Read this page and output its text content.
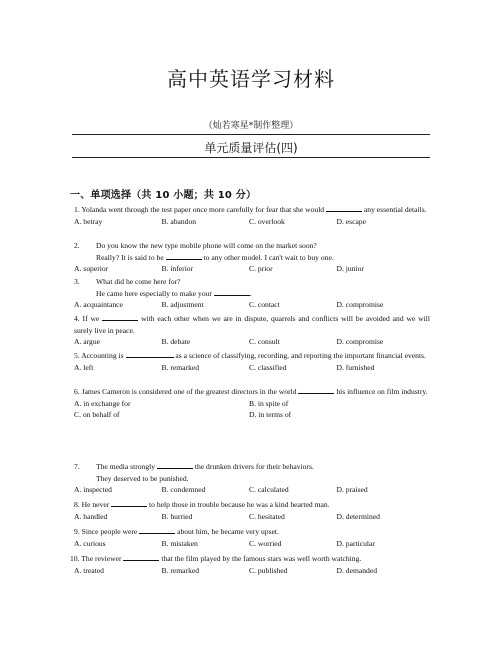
高中英语学习材料
（灿若寒星*制作整理）
单元质量评估(四)
一、单项选择（共 10 小题；共 10 分）
1. Yolanda went through the test paper once more carefully for fear that she would	any essential details.
A. betray	B. abandon	C. overlook	D. escape
2. Do you know the new type mobile phone will come on the market soon?
Really? It is said to be	to any other model. I can't wait to buy one.
A. superior	B. inferior	C. prior	D. junior
3. What did he come here for?
He came here especially to make your	.
A. acquaintance	B. adjustment	C. contact	D. compromise
4. If we	with each other when we are in dispute, quarrels and conflicts will be avoided and we will surely live in peace.
A. argue	B. debate	C. consult	D. compromise
5. Accounting is	as a science of classifying, recording, and reporting the important financial events.
A. left	B. remarked	C. classified	D. furnished
6. James Cameron is considered one of the greatest directors in the world	his influence on film industry.
A. in exchange for	B. in spite of
C. on behalf of	D. in terms of
7. The media strongly	the drunken drivers for their behaviors.
They deserved to be punished.
A. inspected	B. condemned	C. calculated	D. praised
8. He never	to help those in trouble because he was a kind hearted man.
A. handled	B. hurried	C. hesitated	D. determined
9. Since people were	about him, he became very upset.
A. curious	B. mistaken	C. worried	D. particular
10. The reviewer	that the film played by the famous stars was well worth watching.
A. treated	B. remarked	C. published	D. demanded
